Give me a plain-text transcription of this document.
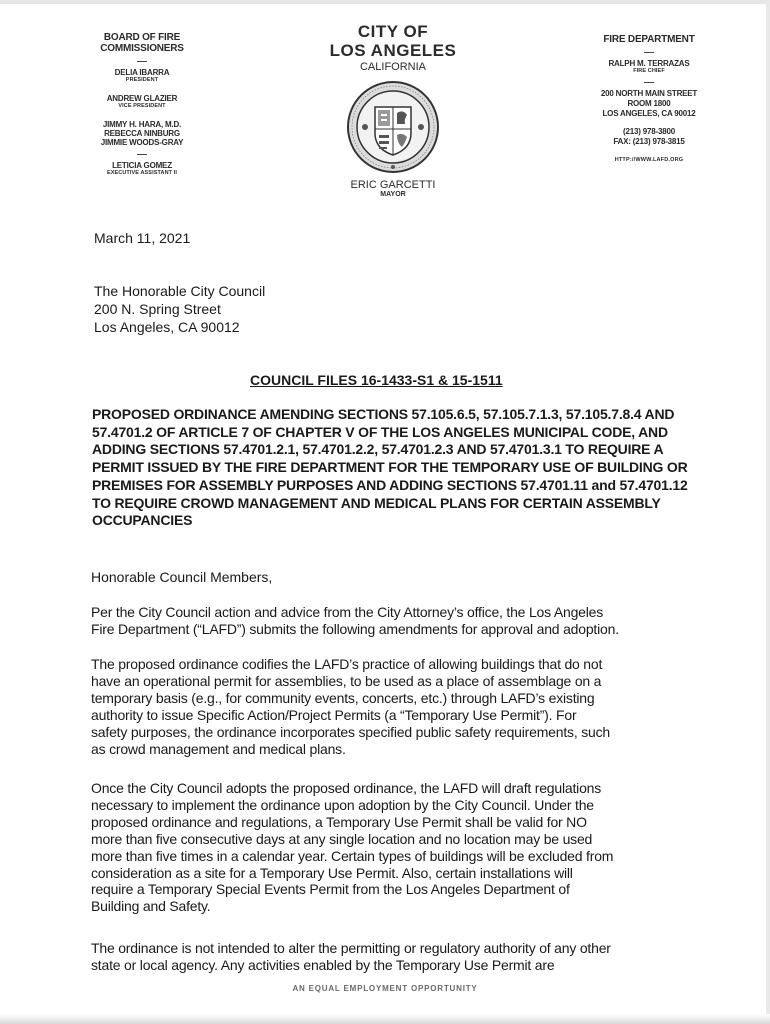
BOARD OF FIRE
COMMISSIONERS
DELIA IBARRA
PRESIDENT
ANDREW GLAZIER
VICE PRESIDENT
JIMMY H. HARA, M.D.
REBECCA NINBURG
JIMMIE WOODS-GRAY
LETICIA GOMEZ
EXECUTIVE ASSISTANT II
CITY OF
LOS ANGELES
CALIFORNIA
ERIC GARCETTI
MAYOR
FIRE DEPARTMENT
RALPH M. TERRAZAS
FIRE CHIEF
200 NORTH MAIN STREET
ROOM 1800
LOS ANGELES, CA 90012
(213) 978-3800
FAX: (213) 978-3815
HTTP://WWW.LAFD.ORG
March 11, 2021
The Honorable City Council
200 N. Spring Street
Los Angeles, CA 90012
COUNCIL FILES 16-1433-S1 & 15-1511
PROPOSED ORDINANCE AMENDING SECTIONS 57.105.6.5, 57.105.7.1.3, 57.105.7.8.4 AND 57.4701.2 OF ARTICLE 7 OF CHAPTER V OF THE LOS ANGELES MUNICIPAL CODE, AND ADDING SECTIONS 57.4701.2.1, 57.4701.2.2, 57.4701.2.3 AND 57.4701.3.1 TO REQUIRE A PERMIT ISSUED BY THE FIRE DEPARTMENT FOR THE TEMPORARY USE OF BUILDING OR PREMISES FOR ASSEMBLY PURPOSES AND ADDING SECTIONS 57.4701.11 and 57.4701.12 TO REQUIRE CROWD MANAGEMENT AND MEDICAL PLANS FOR CERTAIN ASSEMBLY OCCUPANCIES
Honorable Council Members,
Per the City Council action and advice from the City Attorney’s office, the Los Angeles
Fire Department (“LAFD”) submits the following amendments for approval and adoption.
The proposed ordinance codifies the LAFD’s practice of allowing buildings that do not
have an operational permit for assemblies, to be used as a place of assemblage on a
temporary basis (e.g., for community events, concerts, etc.) through LAFD’s existing
authority to issue Specific Action/Project Permits (a “Temporary Use Permit”). For
safety purposes, the ordinance incorporates specified public safety requirements, such
as crowd management and medical plans.
Once the City Council adopts the proposed ordinance, the LAFD will draft regulations
necessary to implement the ordinance upon adoption by the City Council. Under the
proposed ordinance and regulations, a Temporary Use Permit shall be valid for NO
more than five consecutive days at any single location and no location may be used
more than five times in a calendar year. Certain types of buildings will be excluded from
consideration as a site for a Temporary Use Permit. Also, certain installations will
require a Temporary Special Events Permit from the Los Angeles Department of
Building and Safety.
The ordinance is not intended to alter the permitting or regulatory authority of any other
state or local agency. Any activities enabled by the Temporary Use Permit are
AN EQUAL EMPLOYMENT OPPORTUNITY
